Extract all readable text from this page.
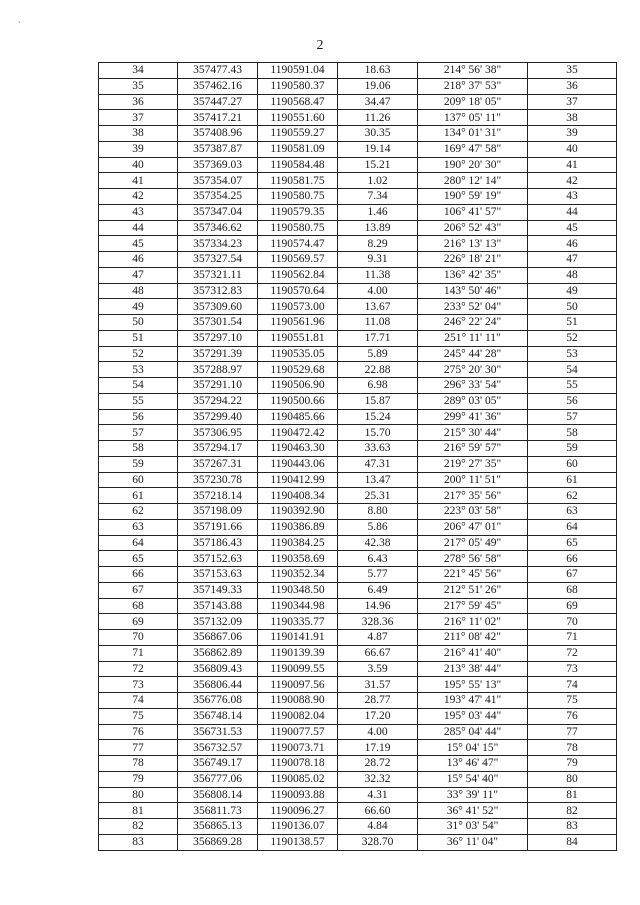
`
2
34	357477.43	1190591.04	18.63	214° 56' 38"	35
35	357462.16	1190580.37	19.06	218° 37' 53"	36
36	357447.27	1190568.47	34.47	209° 18' 05"	37
37	357417.21	1190551.60	11.26	137° 05' 11"	38
38	357408.96	1190559.27	30.35	134° 01' 31"	39
39	357387.87	1190581.09	19.14	169° 47' 58"	40
40	357369.03	1190584.48	15.21	190° 20' 30"	41
41	357354.07	1190581.75	1.02	280° 12' 14"	42
42	357354.25	1190580.75	7.34	190° 59' 19"	43
43	357347.04	1190579.35	1.46	106° 41' 57"	44
44	357346.62	1190580.75	13.89	206° 52' 43"	45
45	357334.23	1190574.47	8.29	216° 13' 13"	46
46	357327.54	1190569.57	9.31	226° 18' 21"	47
47	357321.11	1190562.84	11.38	136° 42' 35"	48
48	357312.83	1190570.64	4.00	143° 50' 46"	49
49	357309.60	1190573.00	13.67	233° 52' 04"	50
50	357301.54	1190561.96	11.08	246° 22' 24"	51
51	357297.10	1190551.81	17.71	251° 11' 11"	52
52	357291.39	1190535.05	5.89	245° 44' 28"	53
53	357288.97	1190529.68	22.88	275° 20' 30"	54
54	357291.10	1190506.90	6.98	296° 33' 54"	55
55	357294.22	1190500.66	15.87	289° 03' 05"	56
56	357299.40	1190485.66	15.24	299° 41' 36"	57
57	357306.95	1190472.42	15.70	215° 30' 44"	58
58	357294.17	1190463.30	33.63	216° 59' 57"	59
59	357267.31	1190443.06	47.31	219° 27' 35"	60
60	357230.78	1190412.99	13.47	200° 11' 51"	61
61	357218.14	1190408.34	25.31	217° 35' 56"	62
62	357198.09	1190392.90	8.80	223° 03' 58"	63
63	357191.66	1190386.89	5.86	206° 47' 01"	64
64	357186.43	1190384.25	42.38	217° 05' 49"	65
65	357152.63	1190358.69	6.43	278° 56' 58"	66
66	357153.63	1190352.34	5.77	221° 45' 56"	67
67	357149.33	1190348.50	6.49	212° 51' 26"	68
68	357143.88	1190344.98	14.96	217° 59' 45"	69
69	357132.09	1190335.77	328.36	216° 11' 02"	70
70	356867.06	1190141.91	4.87	211° 08' 42"	71
71	356862.89	1190139.39	66.67	216° 41' 40"	72
72	356809.43	1190099.55	3.59	213° 38' 44"	73
73	356806.44	1190097.56	31.57	195° 55' 13"	74
74	356776.08	1190088.90	28.77	193° 47' 41"	75
75	356748.14	1190082.04	17.20	195° 03' 44"	76
76	356731.53	1190077.57	4.00	285° 04' 44"	77
77	356732.57	1190073.71	17.19	15° 04' 15"	78
78	356749.17	1190078.18	28.72	13° 46' 47"	79
79	356777.06	1190085.02	32.32	15° 54' 40"	80
80	356808.14	1190093.88	4.31	33° 39' 11"	81
81	356811.73	1190096.27	66.60	36° 41' 52"	82
82	356865.13	1190136.07	4.84	31° 03' 54"	83
83	356869.28	1190138.57	328.70	36° 11' 04"	84
